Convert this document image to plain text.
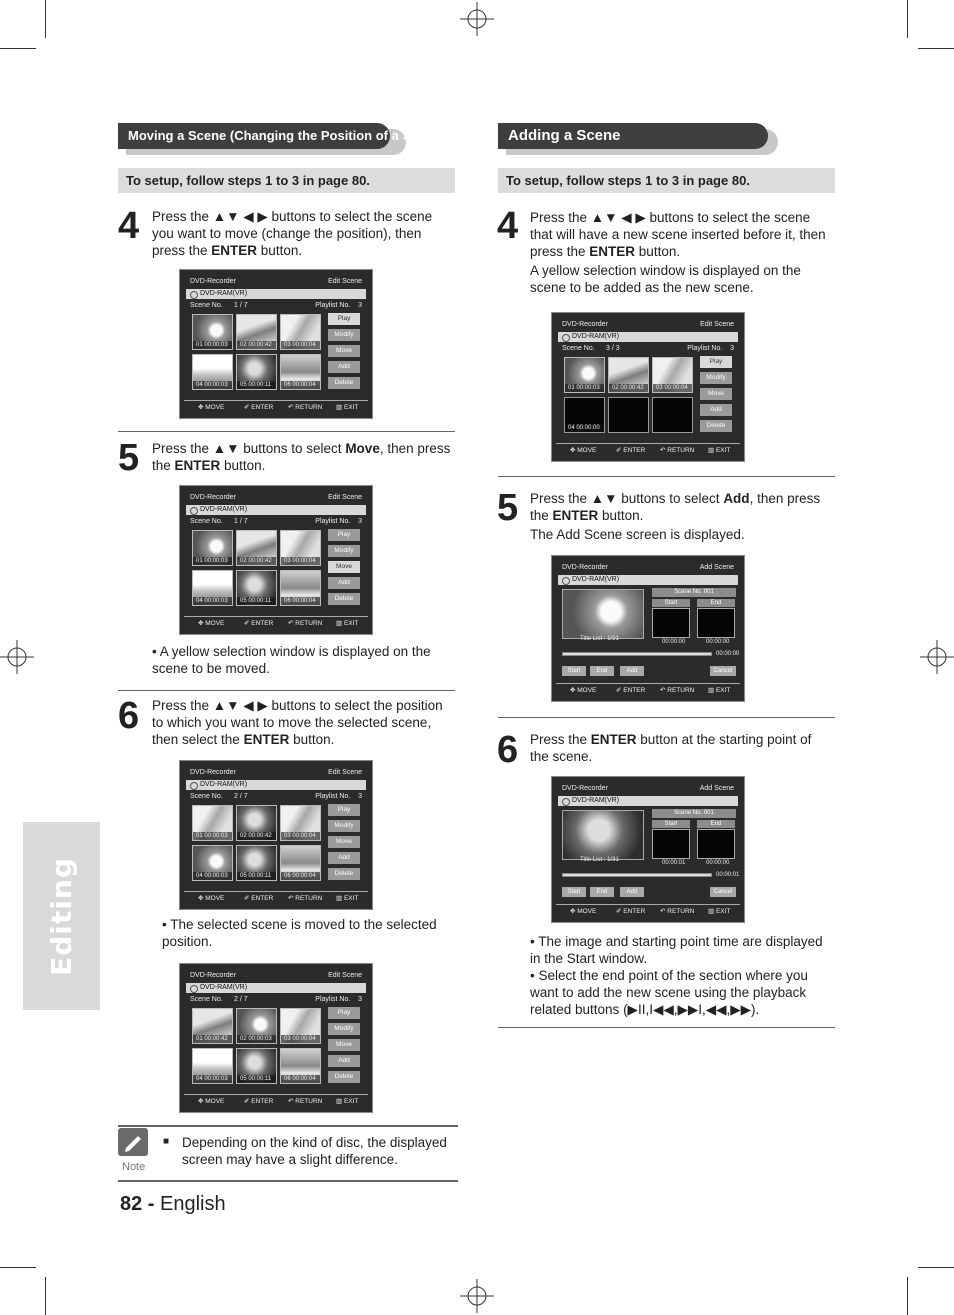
Editing
Moving a Scene (Changing the Position of a Scene)
To setup, follow steps 1 to 3 in page 80.
4 Press the ▲▼ ◀ ▶ buttons to select the scene you want to move (change the position), then press the ENTER button.
DVD-Recorder	Edit Scene
DVD-RAM(VR)
Scene No. 1 / 7	Playlist No. 3
01 00:00:03	02 00:00:42	03 00:00:04
04 00:00:03	05 00:00:11	06 00:00:04
Play
Modify
Move
Add
Delete
✥ MOVE	✐ ENTER ↶ RETURN ▥ EXIT
5 Press the ▲▼ buttons to select Move, then press the ENTER button.
DVD-Recorder	Edit Scene
DVD-RAM(VR)
Scene No. 1 / 7	Playlist No. 3
01 00:00:03	02 00:00:42	03 00:00:04
04 00:00:03	05 00:00:11	06 00:00:04
Play
Modify
Move
Add
Delete
✥ MOVE	✐ ENTER ↶ RETURN ▥ EXIT
• A yellow selection window is displayed on the scene to be moved.
6 Press the ▲▼ ◀ ▶ buttons to select the position to which you want to move the selected scene, then select the ENTER button.
DVD-Recorder	Edit Scene
DVD-RAM(VR)
Scene No. 2 / 7	Playlist No. 3
01 00:00:03	02 00:00:42	03 00:00:04
04 00:00:03	05 00:00:11	06 00:00:04
Play
Modify
Move
Add
Delete
✥ MOVE	✐ ENTER ↶ RETURN ▥ EXIT
• The selected scene is moved to the selected position.
DVD-Recorder	Edit Scene
DVD-RAM(VR)
Scene No. 2 / 7	Playlist No. 3
01 00:00:42	02 00:00:03	03 00:00:04
04 00:00:03	05 00:00:11	06 00:00:04
Play
Modify
Move
Add
Delete
✥ MOVE	✐ ENTER ↶ RETURN ▥ EXIT
Note
■ Depending on the kind of disc, the displayed screen may have a slight difference.
82 - English
Adding a Scene
To setup, follow steps 1 to 3 in page 80.
4 Press the ▲▼ ◀ ▶ buttons to select the scene that will have a new scene inserted before it, then press the ENTER button.
A yellow selection window is displayed on the scene to be added as the new scene.
DVD-Recorder	Edit Scene
DVD-RAM(VR)
Scene No. 3 / 3	Playlist No. 3
01 00:00:03	02 00:00:42	03 00:00:04
04 00:00:00
Play
Modify
Move
Add
Delete
✥ MOVE	✐ ENTER ↶ RETURN ▥ EXIT
5 Press the ▲▼ buttons to select Add, then press the ENTER button.
The Add Scene screen is displayed.
DVD-Recorder	Add Scene
DVD-RAM(VR)
Title List : 1/31
Scene No. 001
Start	End
00:00:00	00:00:00
00:00:00
Start	End	Add	Cancel
✥ MOVE	✐ ENTER ↶ RETURN ▥ EXIT
6 Press the ENTER button at the starting point of the scene.
DVD-Recorder	Add Scene
DVD-RAM(VR)
Title List : 1/31
Scene No. 001
Start	End
00:00:01	00:00:00
00:00:01
Start	End	Add	Cancel
✥ MOVE	✐ ENTER ↶ RETURN ▥ EXIT
• The image and starting point time are displayed in the Start window.
• Select the end point of the section where you want to add the new scene using the playback related buttons (▶II,I◀◀,▶▶I,◀◀,▶▶).
